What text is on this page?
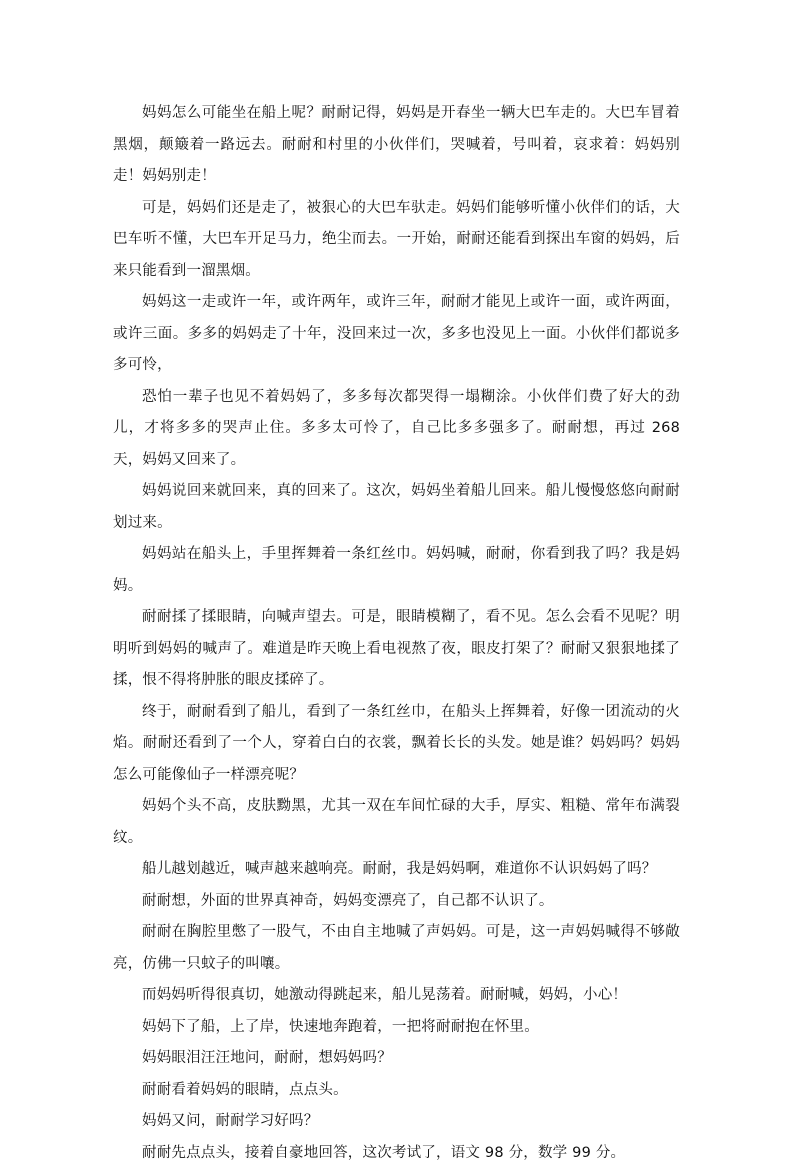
妈妈怎么可能坐在船上呢？耐耐记得，妈妈是开春坐一辆大巴车走的。大巴车冒着黑烟，颠簸着一路远去。耐耐和村里的小伙伴们，哭喊着，号叫着，哀求着：妈妈别走！妈妈别走！

可是，妈妈们还是走了，被狠心的大巴车驮走。妈妈们能够听懂小伙伴们的话，大巴车听不懂，大巴车开足马力，绝尘而去。一开始，耐耐还能看到探出车窗的妈妈，后来只能看到一溜黑烟。

妈妈这一走或许一年，或许两年，或许三年，耐耐才能见上或许一面，或许两面，或许三面。多多的妈妈走了十年，没回来过一次，多多也没见上一面。小伙伴们都说多多可怜，

恐怕一辈子也见不着妈妈了，多多每次都哭得一塌糊涂。小伙伴们费了好大的劲儿，才将多多的哭声止住。多多太可怜了，自己比多多强多了。耐耐想，再过 268 天，妈妈又回来了。

妈妈说回来就回来，真的回来了。这次，妈妈坐着船儿回来。船儿慢慢悠悠向耐耐划过来。

妈妈站在船头上，手里挥舞着一条红丝巾。妈妈喊，耐耐，你看到我了吗？我是妈妈。

耐耐揉了揉眼睛，向喊声望去。可是，眼睛模糊了，看不见。怎么会看不见呢？明明听到妈妈的喊声了。难道是昨天晚上看电视熬了夜，眼皮打架了？耐耐又狠狠地揉了揉，恨不得将肿胀的眼皮揉碎了。

终于，耐耐看到了船儿，看到了一条红丝巾，在船头上挥舞着，好像一团流动的火焰。耐耐还看到了一个人，穿着白白的衣裳，飘着长长的头发。她是谁？妈妈吗？妈妈怎么可能像仙子一样漂亮呢？

妈妈个头不高，皮肤黝黑，尤其一双在车间忙碌的大手，厚实、粗糙、常年布满裂纹。

船儿越划越近，喊声越来越响亮。耐耐，我是妈妈啊，难道你不认识妈妈了吗？

耐耐想，外面的世界真神奇，妈妈变漂亮了，自己都不认识了。

耐耐在胸腔里憋了一股气，不由自主地喊了声妈妈。可是，这一声妈妈喊得不够敞亮，仿佛一只蚊子的叫嚷。

而妈妈听得很真切，她激动得跳起来，船儿晃荡着。耐耐喊，妈妈，小心！

妈妈下了船，上了岸，快速地奔跑着，一把将耐耐抱在怀里。

妈妈眼泪汪汪地问，耐耐，想妈妈吗？

耐耐看着妈妈的眼睛，点点头。

妈妈又问，耐耐学习好吗？

耐耐先点点头，接着自豪地回答，这次考试了，语文 98 分，数学 99 分。
